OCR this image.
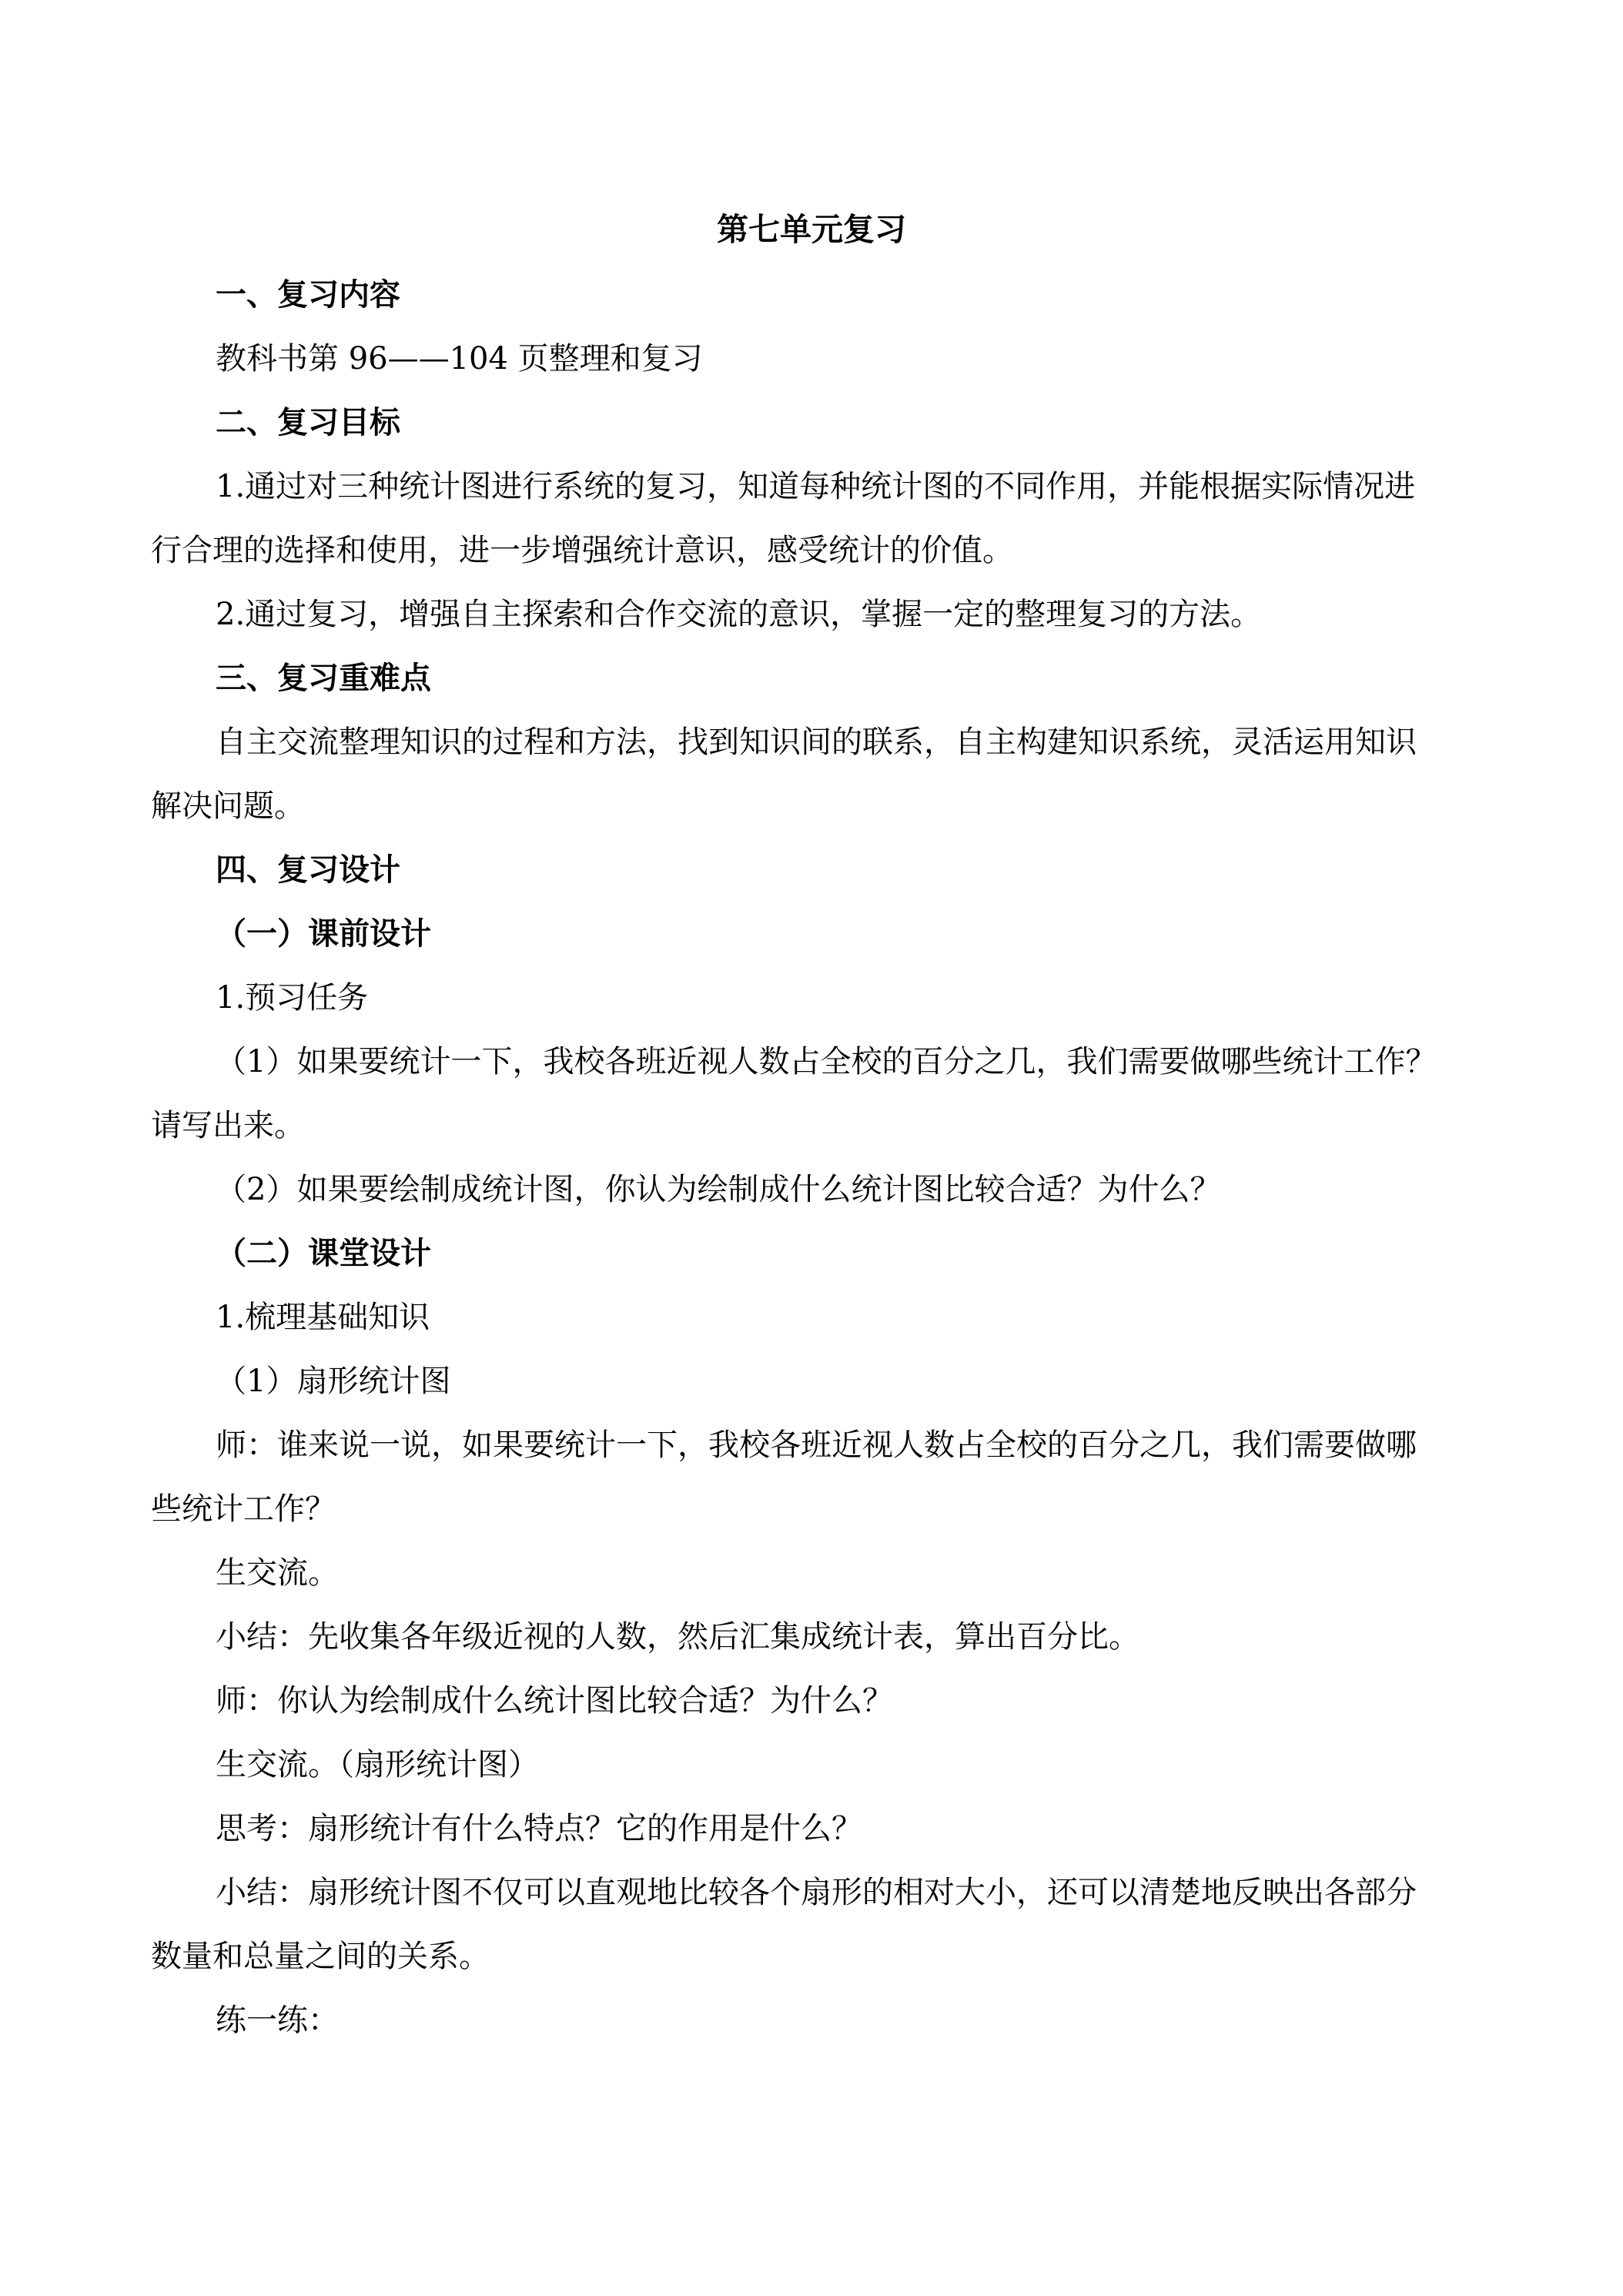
第七单元复习
一、复习内容
教科书第 96——104 页整理和复习
二、复习目标
1.通过对三种统计图进行系统的复习，知道每种统计图的不同作用，并能根据实际情况进
行合理的选择和使用，进一步增强统计意识，感受统计的价值。
2.通过复习，增强自主探索和合作交流的意识，掌握一定的整理复习的方法。
三、复习重难点
自主交流整理知识的过程和方法，找到知识间的联系，自主构建知识系统，灵活运用知识
解决问题。
四、复习设计
（一）课前设计
1.预习任务
（1）如果要统计一下，我校各班近视人数占全校的百分之几，我们需要做哪些统计工作？
请写出来。
（2）如果要绘制成统计图，你认为绘制成什么统计图比较合适？为什么？
（二）课堂设计
1.梳理基础知识
（1）扇形统计图
师：谁来说一说，如果要统计一下，我校各班近视人数占全校的百分之几，我们需要做哪
些统计工作？
生交流。
小结：先收集各年级近视的人数，然后汇集成统计表，算出百分比。
师：你认为绘制成什么统计图比较合适？为什么？
生交流。（扇形统计图）
思考：扇形统计有什么特点？它的作用是什么？
小结：扇形统计图不仅可以直观地比较各个扇形的相对大小，还可以清楚地反映出各部分
数量和总量之间的关系。
练一练：
